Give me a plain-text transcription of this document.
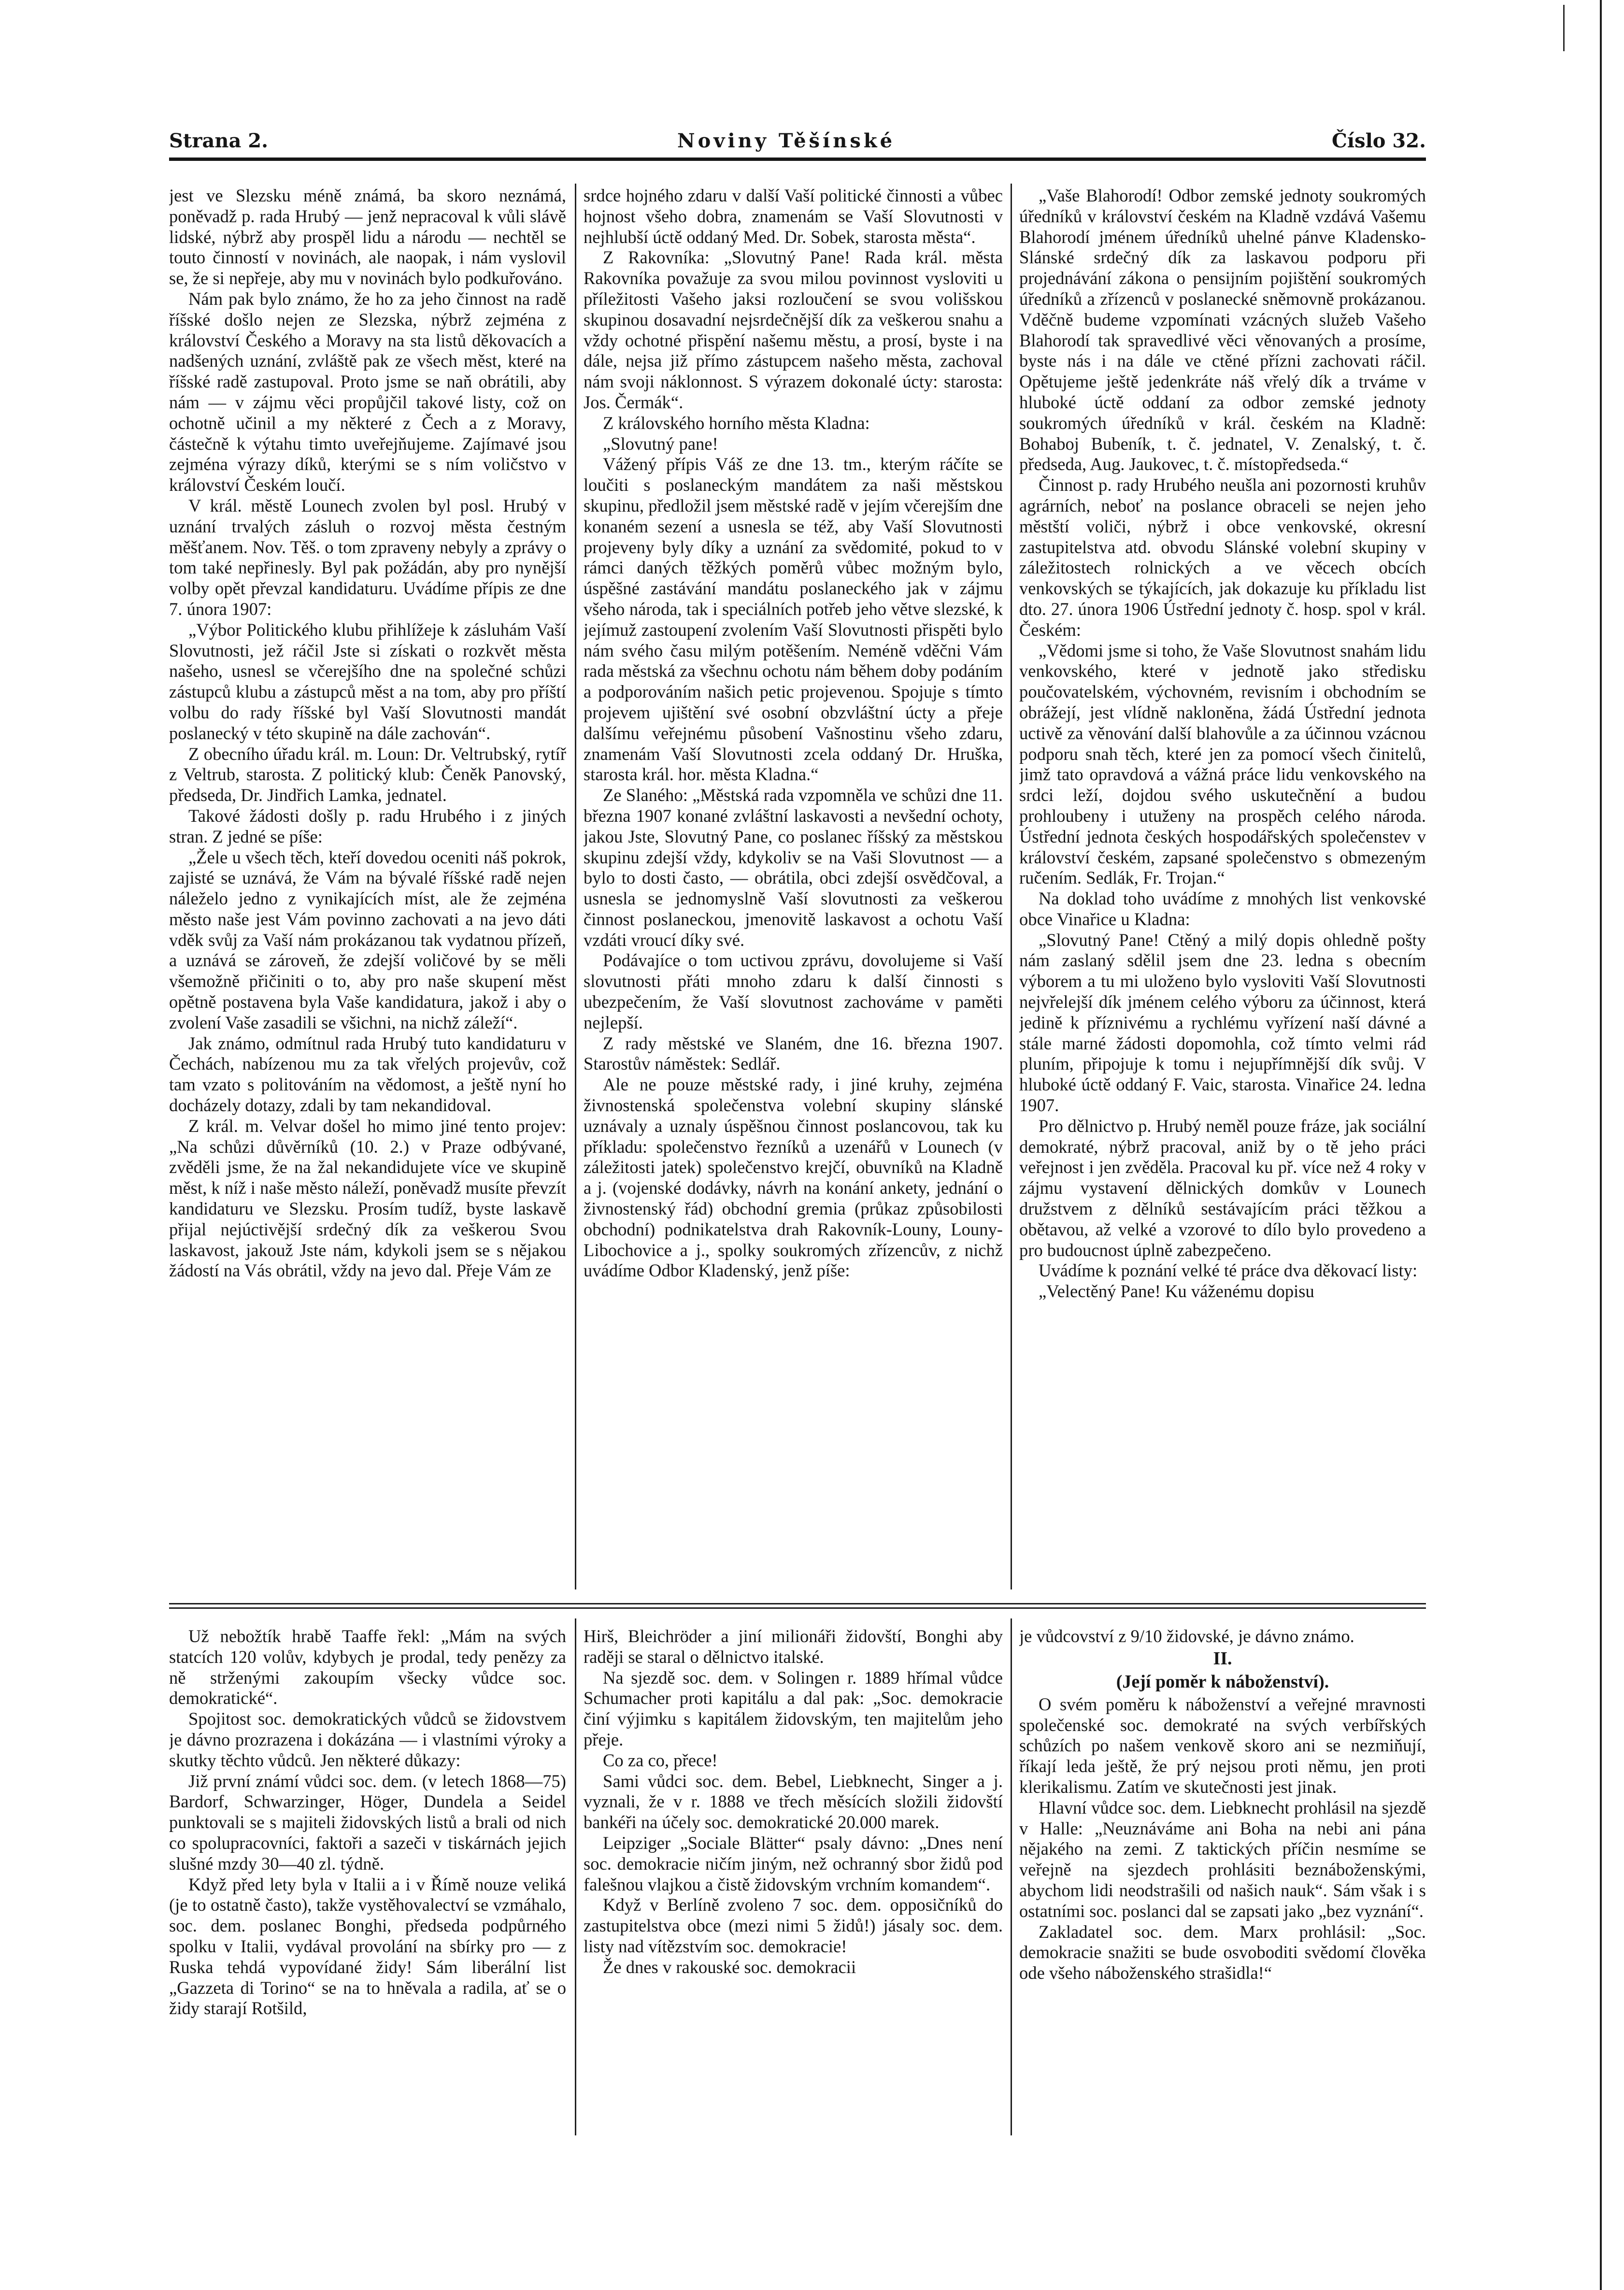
Strana 2.	Noviny Těšínské	Číslo 32.

jest ve Slezsku méně známá, ba skoro neznámá, poněvadž p. rada Hrubý — jenž nepracoval k vůli slávě lidské, nýbrž aby prospěl lidu a národu — nechtěl se touto činností v novinách, ale naopak, i nám vyslovil se, že si nepřeje, aby mu v novinách bylo podkuřováno.

Nám pak bylo známo, že ho za jeho činnost na radě říšské došlo nejen ze Slezska, nýbrž zejména z království Českého a Moravy na sta listů děkovacích a nadšených uznání, zvláště pak ze všech měst, které na říšské radě zastupoval. Proto jsme se naň obrátili, aby nám — v zájmu věci propůjčil takové listy, což on ochotně učinil a my některé z Čech a z Moravy, částečně k výtahu timto uveřejňujeme. Zajímavé jsou zejména výrazy díků, kterými se s ním voličstvo v království Českém loučí.

V král. městě Lounech zvolen byl posl. Hrubý v uznání trvalých zásluh o rozvoj města čestným měšťanem. Nov. Těš. o tom zpraveny nebyly a zprávy o tom také nepřinesly. Byl pak požádán, aby pro nynější volby opět převzal kandidaturu. Uvádíme přípis ze dne 7. února 1907:

„Výbor Politického klubu přihlížeje k zásluhám Vaší Slovutnosti, jež ráčil Jste si získati o rozkvět města našeho, usnesl se včerejšího dne na společné schůzi zástupců klubu a zástupců měst a na tom, aby pro příští volbu do rady říšské byl Vaší Slovutnosti mandát poslanecký v této skupině na dále zachován“.

Z obecního úřadu král. m. Loun: Dr. Veltrubský, rytíř z Veltrub, starosta. Z politický klub: Čeněk Panovský, předseda, Dr. Jindřich Lamka, jednatel.

Takové žádosti došly p. radu Hrubého i z jiných stran. Z jedné se píše:

„Žele u všech těch, kteří dovedou oceniti náš pokrok, zajisté se uznává, že Vám na bývalé říšské radě nejen náleželo jedno z vynikajících míst, ale že zejména město naše jest Vám povinno zachovati a na jevo dáti vděk svůj za Vaší nám prokázanou tak vydatnou přízeň, a uznává se zároveň, že zdejší voličové by se měli všemožně přičiniti o to, aby pro naše skupení měst opětně postavena byla Vaše kandidatura, jakož i aby o zvolení Vaše zasadili se všichni, na nichž záleží“.

Jak známo, odmítnul rada Hrubý tuto kandidaturu v Čechách, nabízenou mu za tak vřelých projevův, což tam vzato s politováním na vědomost, a ještě nyní ho docházely dotazy, zdali by tam nekandidoval.

Z král. m. Velvar došel ho mimo jiné tento projev: „Na schůzi důvěrníků (10. 2.) v Praze odbývané, zvěděli jsme, že na žal nekandidujete více ve skupině měst, k níž i naše město náleží, poněvadž musíte převzít kandidaturu ve Slezsku. Prosím tudíž, byste laskavě přijal nejúctivější srdečný dík za veškerou Svou laskavost, jakouž Jste nám, kdykoli jsem se s nějakou žádostí na Vás obrátil, vždy na jevo dal. Přeje Vám ze

srdce hojného zdaru v další Vaší politické činnosti a vůbec hojnost všeho dobra, znamenám se Vaší Slovutnosti v nejhlubší úctě oddaný Med. Dr. Sobek, starosta města“.

Z Rakovníka: „Slovutný Pane! Rada král. města Rakovníka považuje za svou milou povinnost vysloviti u příležitosti Vašeho jaksi rozloučení se svou volišskou skupinou dosavadní nejsrdečnější dík za veškerou snahu a vždy ochotné přispění našemu městu, a prosí, byste i na dále, nejsa již přímo zástupcem našeho města, zachoval nám svoji náklonnost. S výrazem dokonalé úcty: starosta: Jos. Čermák“.

Z královského horního města Kladna:

„Slovutný pane!

Vážený přípis Váš ze dne 13. tm., kterým ráčíte se loučiti s poslaneckým mandátem za naši městskou skupinu, předložil jsem městské radě v jejím včerejším dne konaném sezení a usnesla se též, aby Vaší Slovutnosti projeveny byly díky a uznání za svědomité, pokud to v rámci daných těžkých poměrů vůbec možným bylo, úspěšné zastávání mandátu poslaneckého jak v zájmu všeho národa, tak i speciálních potřeb jeho větve slezské, k jejímuž zastoupení zvolením Vaší Slovutnosti přispěti bylo nám svého času milým potěšením. Neméně vděčni Vám rada městská za všechnu ochotu nám během doby podáním a podporováním našich petic projevenou. Spojuje s tímto projevem ujištění své osobní obzvláštní úcty a přeje dalšímu veřejnému působení Vašnostinu všeho zdaru, znamenám Vaší Slovutnosti zcela oddaný Dr. Hruška, starosta král. hor. města Kladna.“

Ze Slaného: „Městská rada vzpomněla ve schůzi dne 11. března 1907 konané zvláštní laskavosti a nevšední ochoty, jakou Jste, Slovutný Pane, co poslanec říšský za městskou skupinu zdejší vždy, kdykoliv se na Vaši Slovutnost — a bylo to dosti často, — obrátila, obci zdejší osvědčoval, a usnesla se jednomyslně Vaší slovutnosti za veškerou činnost poslaneckou, jmenovitě laskavost a ochotu Vaší vzdáti vroucí díky své.

Podávajíce o tom uctivou zprávu, dovolujeme si Vaší slovutnosti přáti mnoho zdaru k další činnosti s ubezpečením, že Vaší slovutnost zachováme v paměti nejlepší.

Z rady městské ve Slaném, dne 16. března 1907. Starostův náměstek: Sedlář.

Ale ne pouze městské rady, i jiné kruhy, zejména živnostenská společenstva volební skupiny slánské uznávaly a uznaly úspěšnou činnost poslancovou, tak ku příkladu: společenstvo řezníků a uzenářů v Lounech (v záležitosti jatek) společenstvo krejčí, obuvníků na Kladně a j. (vojenské dodávky, návrh na konání ankety, jednání o živnostenský řád) obchodní gremia (průkaz způsobilosti obchodní) podnikatelstva drah Rakovník-Louny, Louny-Libochovice a j., spolky soukromých zřízencův, z nichž uvádíme Odbor Kladenský, jenž píše:

„Vaše Blahorodí! Odbor zemské jednoty soukromých úředníků v království českém na Kladně vzdává Vašemu Blahorodí jménem úředníků uhelné pánve Kladensko-Slánské srdečný dík za laskavou podporu při projednávání zákona o pensijním pojištění soukromých úředníků a zřízenců v poslanecké sněmovně prokázanou. Vděčně budeme vzpomínati vzácných služeb Vašeho Blahorodí tak spravedlivé věci věnovaných a prosíme, byste nás i na dále ve ctěné přízni zachovati ráčil. Opětujeme ještě jedenkráte náš vřelý dík a trváme v hluboké úctě oddaní za odbor zemské jednoty soukromých úředníků v král. českém na Kladně: Bohaboj Bubeník, t. č. jednatel, V. Zenalský, t. č. předseda, Aug. Jaukovec, t. č. místopředseda.“

Činnost p. rady Hrubého neušla ani pozornosti kruhův agrárních, neboť na poslance obraceli se nejen jeho městští voliči, nýbrž i obce venkovské, okresní zastupitelstva atd. obvodu Slánské volební skupiny v záležitostech rolnických a ve věcech obcích venkovských se týkajících, jak dokazuje ku příkladu list dto. 27. února 1906 Ústřední jednoty č. hosp. spol v král. Českém:

„Vědomi jsme si toho, že Vaše Slovutnost snahám lidu venkovského, které v jednotě jako středisku poučovatelském, výchovném, revisním i obchodním se obrážejí, jest vlídně nakloněna, žádá Ústřední jednota uctivě za věnování další blahovůle a za účinnou vzácnou podporu snah těch, které jen za pomocí všech činitelů, jimž tato opravdová a vážná práce lidu venkovského na srdci leží, dojdou svého uskutečnění a budou prohloubeny i utuženy na prospěch celého národa. Ústřední jednota českých hospodářských společenstev v království českém, zapsané společenstvo s obmezeným ručením. Sedlák, Fr. Trojan.“

Na doklad toho uvádíme z mnohých list venkovské obce Vinařice u Kladna:

„Slovutný Pane! Ctěný a milý dopis ohledně pošty nám zaslaný sdělil jsem dne 23. ledna s obecním výborem a tu mi uloženo bylo vysloviti Vaší Slovutnosti nejvřelejší dík jménem celého výboru za účinnost, která jedině k příznivému a rychlému vyřízení naší dávné a stále marné žádosti dopomohla, což tímto velmi rád pluním, připojuje k tomu i nejupřímnější dík svůj. V hluboké úctě oddaný F. Vaic, starosta. Vinařice 24. ledna 1907.

Pro dělnictvo p. Hrubý neměl pouze fráze, jak sociální demokraté, nýbrž pracoval, aniž by o tě jeho práci veřejnost i jen zvěděla. Pracoval ku př. více než 4 roky v zájmu vystavení dělnických domkův v Lounech družstvem z dělníků sestávajícím práci těžkou a obětavou, až velké a vzorové to dílo bylo provedeno a pro budoucnost úplně zabezpečeno.

Uvádíme k poznání velké té práce dva děkovací listy:

„Velectěný Pane! Ku váženému dopisu

Už nebožtík hrabě Taaffe řekl: „Mám na svých statcích 120 volův, kdybych je prodal, tedy penězy za ně strženými zakoupím všecky vůdce soc. demokratické“.

Spojitost soc. demokratických vůdců se židovstvem je dávno prozrazena i dokázána — i vlastními výroky a skutky těchto vůdců. Jen některé důkazy:

Již první známí vůdci soc. dem. (v letech 1868—75) Bardorf, Schwarzinger, Höger, Dundela a Seidel punktovali se s majiteli židovských listů a brali od nich co spolupracovníci, faktoři a sazeči v tiskárnách jejich slušné mzdy 30—40 zl. týdně.

Když před lety byla v Italii a i v Římě nouze veliká (je to ostatně často), takže vystěhovalectví se vzmáhalo, soc. dem. poslanec Bonghi, předseda podpůrného spolku v Italii, vydával provolání na sbírky pro — z Ruska tehdá vypovídané židy! Sám liberální list „Gazzeta di Torino“ se na to hněvala a radila, ať se o židy starají Rotšild,

Hirš, Bleichröder a jiní milionáři židovští, Bonghi aby raději se staral o dělnictvo italské.

Na sjezdě soc. dem. v Solingen r. 1889 hřímal vůdce Schumacher proti kapitálu a dal pak: „Soc. demokracie činí výjimku s kapitálem židovským, ten majitelům jeho přeje.

Co za co, přece!

Sami vůdci soc. dem. Bebel, Liebknecht, Singer a j. vyznali, že v r. 1888 ve třech měsících složili židovští bankéři na účely soc. demokratické 20.000 marek.

Leipziger „Sociale Blätter“ psaly dávno: „Dnes není soc. demokracie ničím jiným, než ochranný sbor židů pod falešnou vlajkou a čistě židovským vrchním komandem“.

Když v Berlíně zvoleno 7 soc. dem. opposičníků do zastupitelstva obce (mezi nimi 5 židů!) jásaly soc. dem. listy nad vítězstvím soc. demokracie!

Že dnes v rakouské soc. demokracii

je vůdcovství z 9/10 židovské, je dávno známo.

II.
(Její poměr k náboženství).

O svém poměru k náboženství a veřejné mravnosti společenské soc. demokraté na svých verbířských schůzích po našem venkově skoro ani se nezmiňují, říkají leda ještě, že prý nejsou proti němu, jen proti klerikalismu. Zatím ve skutečnosti jest jinak.

Hlavní vůdce soc. dem. Liebknecht prohlásil na sjezdě v Halle: „Neuznáváme ani Boha na nebi ani pána nějakého na zemi. Z taktických příčin nesmíme se veřejně na sjezdech prohlásiti beznáboženskými, abychom lidi neodstrašili od našich nauk“. Sám však i s ostatními soc. poslanci dal se zapsati jako „bez vyznání“.

Zakladatel soc. dem. Marx prohlásil: „Soc. demokracie snažiti se bude osvoboditi svědomí člověka ode všeho náboženského strašidla!“
